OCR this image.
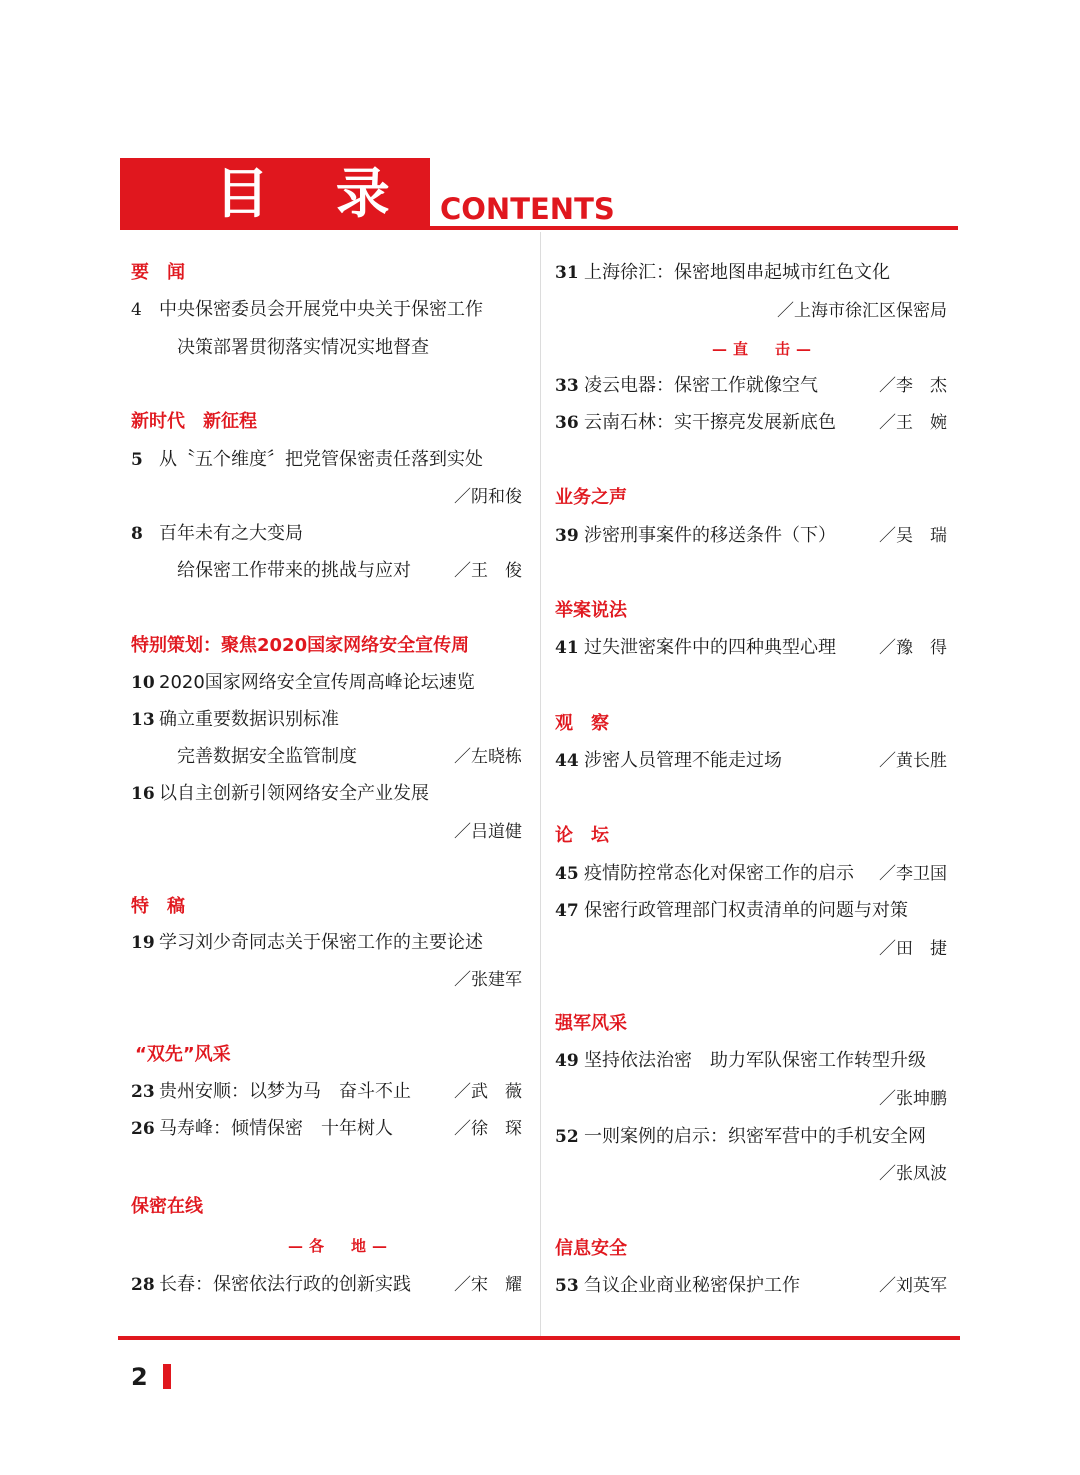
目 录 CONTENTS
要　闻
4 中央保密委员会开展党中央关于保密工作
决策部署贯彻落实情况实地督查
新时代　新征程
5 从〝五个维度〞把党管保密责任落到实处
／阴和俊
8 百年未有之大变局
给保密工作带来的挑战与应对	／王　俊
特别策划：聚焦2020国家网络安全宣传周
10 2020国家网络安全宣传周高峰论坛速览
13 确立重要数据识别标准
完善数据安全监管制度	／左晓栋
16 以自主创新引领网络安全产业发展
／吕道健
特　稿
19 学习刘少奇同志关于保密工作的主要论述
／张建军
“双先”风采
23 贵州安顺：以梦为马　奋斗不止	／武　薇
26 马寿峰：倾情保密　十年树人	／徐　琛
保密在线
—各　地—
28 长春：保密依法行政的创新实践	／宋　耀
31 上海徐汇：保密地图串起城市红色文化
／上海市徐汇区保密局
—直　击—
33 凌云电器：保密工作就像空气	／李　杰
36 云南石林：实干擦亮发展新底色	／王　婉
业务之声
39 涉密刑事案件的移送条件（下）	／吴　瑞
举案说法
41 过失泄密案件中的四种典型心理	／豫　得
观　察
44 涉密人员管理不能走过场	／黄长胜
论　坛
45 疫情防控常态化对保密工作的启示 ／李卫国
47 保密行政管理部门权责清单的问题与对策
／田　捷
强军风采
49 坚持依法治密　助力军队保密工作转型升级
／张坤鹏
52 一则案例的启示：织密军营中的手机安全网
／张凤波
信息安全
53 刍议企业商业秘密保护工作	／刘英军
2
